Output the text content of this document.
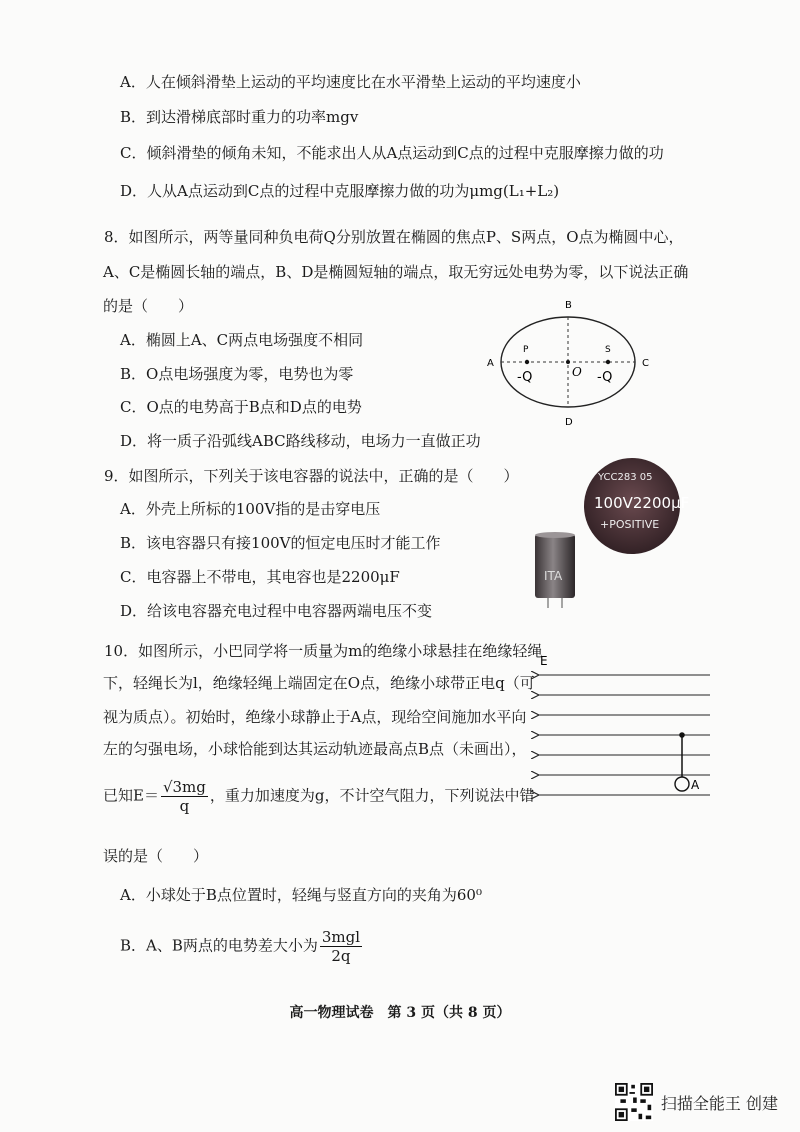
A．人在倾斜滑垫上运动的平均速度比在水平滑垫上运动的平均速度小
B．到达滑梯底部时重力的功率mgv
C．倾斜滑垫的倾角未知，不能求出人从A点运动到C点的过程中克服摩擦力做的功
D．人从A点运动到C点的过程中克服摩擦力做的功为μmg(L₁+L₂)
8．如图所示，两等量同种负电荷Q分别放置在椭圆的焦点P、S两点，O点为椭圆中心，
A、C是椭圆长轴的端点，B、D是椭圆短轴的端点，取无穷远处电势为零，以下说法正确
的是（　　）
A．椭圆上A、C两点电场强度不相同
B．O点电场强度为零，电势也为零
C．O点的电势高于B点和D点的电势
D．将一质子沿弧线ABC路线移动，电场力一直做正功
B
A	C
D
P	S
O
-Q	-Q
9．如图所示，下列关于该电容器的说法中，正确的是（　　）
A．外壳上所标的100V指的是击穿电压
B．该电容器只有接100V的恒定电压时才能工作
C．电容器上不带电，其电容也是2200μF
D．给该电容器充电过程中电容器两端电压不变
YCC283 05
100V2200μF
+POSITIVE
ITA
10．如图所示，小巴同学将一质量为m的绝缘小球悬挂在绝缘轻绳
下，轻绳长为l，绝缘轻绳上端固定在O点，绝缘小球带正电q（可
视为质点）。初始时，绝缘小球静止于A点，现给空间施加水平向
左的匀强电场，小球恰能到达其运动轨迹最高点B点（未画出），
已知$E= \frac{√3mg}{q}$ ，重力加速度为g，不计空气阻力，下列说法中错
误的是（　　）
A．小球处于B点位置时，轻绳与竖直方向的夹角为60⁰
B．A、B两点的电势差大小为 $\frac{\text{3mgl}}{2q}$
E
A
高一物理试卷　第 3 页（共 8 页）
扫描全能王 创建
